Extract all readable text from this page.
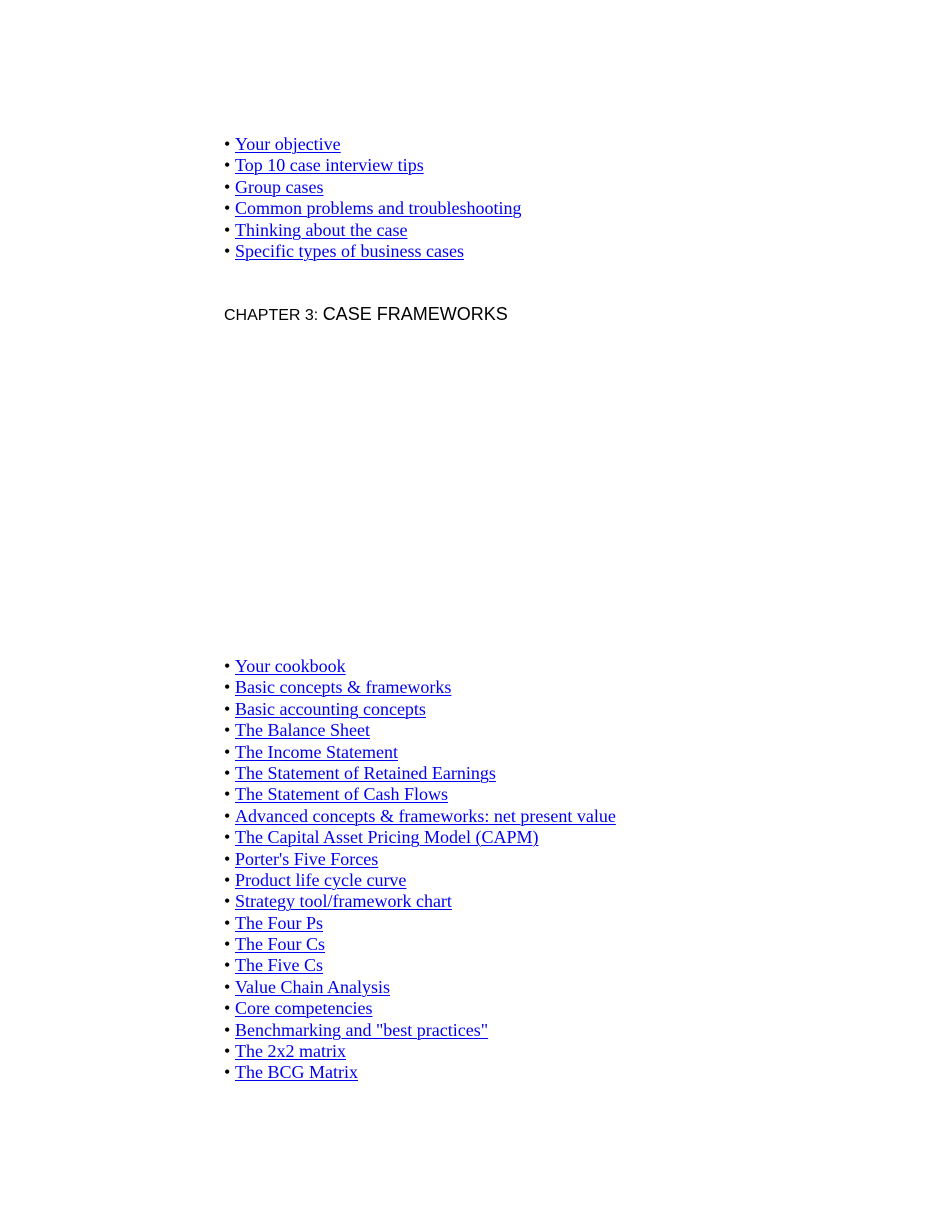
• Your objective
• Top 10 case interview tips
• Group cases
• Common problems and troubleshooting
• Thinking about the case
• Specific types of business cases
CHAPTER 3: CASE FRAMEWORKS
• Your cookbook
• Basic concepts & frameworks
• Basic accounting concepts
• The Balance Sheet
• The Income Statement
• The Statement of Retained Earnings
• The Statement of Cash Flows
• Advanced concepts & frameworks: net present value
• The Capital Asset Pricing Model (CAPM)
• Porter's Five Forces
• Product life cycle curve
• Strategy tool/framework chart
• The Four Ps
• The Four Cs
• The Five Cs
• Value Chain Analysis
• Core competencies
• Benchmarking and "best practices"
• The 2x2 matrix
• The BCG Matrix
